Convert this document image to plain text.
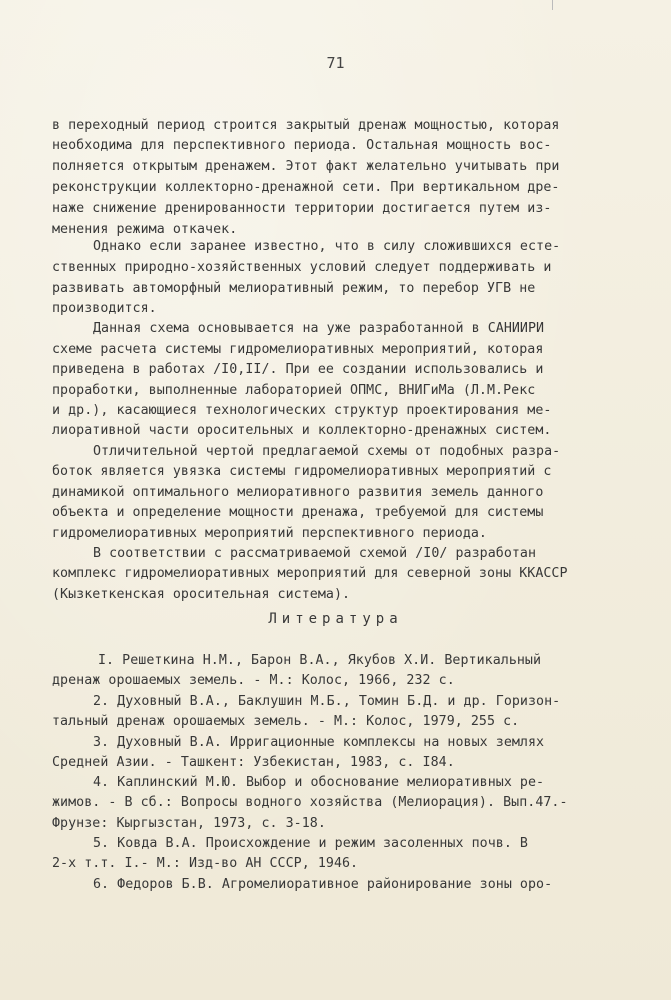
71
в переходный период строится закрытый дренаж мощностью, которая
необходима для перспективного периода. Остальная мощность вос-
полняется открытым дренажем. Этот факт желательно учитывать при
реконструкции коллекторно-дренажной сети. При вертикальном дре-
наже снижение дренированности территории достигается путем из-
менения режима откачек.
Однако если заранее известно, что в силу сложившихся есте-
ственных природно-хозяйственных условий следует поддерживать и
развивать автоморфный мелиоративный режим, то перебор УГВ не
производится.
Данная схема основывается на уже разработанной в САНИИРИ
схеме расчета системы гидромелиоративных мероприятий, которая
приведена в работах /I0,II/. При ее создании использовались и
проработки, выполненные лабораторией ОПМС, ВНИГиМа (Л.М.Рекс
и др.), касающиеся технологических структур проектирования ме-
лиоративной части оросительных и коллекторно-дренажных систем.
Отличительной чертой предлагаемой схемы от подобных разра-
боток является увязка системы гидромелиоративных мероприятий с
динамикой оптимального мелиоративного развития земель данного
объекта и определение мощности дренажа, требуемой для системы
гидромелиоративных мероприятий перспективного периода.
В соответствии с рассматриваемой схемой /I0/ разработан
комплекс гидромелиоративных мероприятий для северной зоны ККАССР
(Кызкеткенская оросительная система).
Литература
I. Решеткина Н.М., Барон В.А., Якубов Х.И. Вертикальный
дренаж орошаемых земель. - М.: Колос, 1966, 232 с.
2. Духовный В.А., Баклушин М.Б., Томин Б.Д. и др. Горизон-
тальный дренаж орошаемых земель. - М.: Колос, 1979, 255 с.
3. Духовный В.А. Ирригационные комплексы на новых землях
Средней Азии. - Ташкент: Узбекистан, 1983, с. I84.
4. Каплинский М.Ю. Выбор и обоснование мелиоративных ре-
жимов. - В сб.: Вопросы водного хозяйства (Мелиорация). Вып.47.-
Фрунзе: Кыргызстан, 1973, с. 3-18.
5. Ковда В.А. Происхождение и режим засоленных почв. В
2-х т.т. I.- М.: Изд-во АН СССР, 1946.
6. Федоров Б.В. Агромелиоративное районирование зоны оро-
